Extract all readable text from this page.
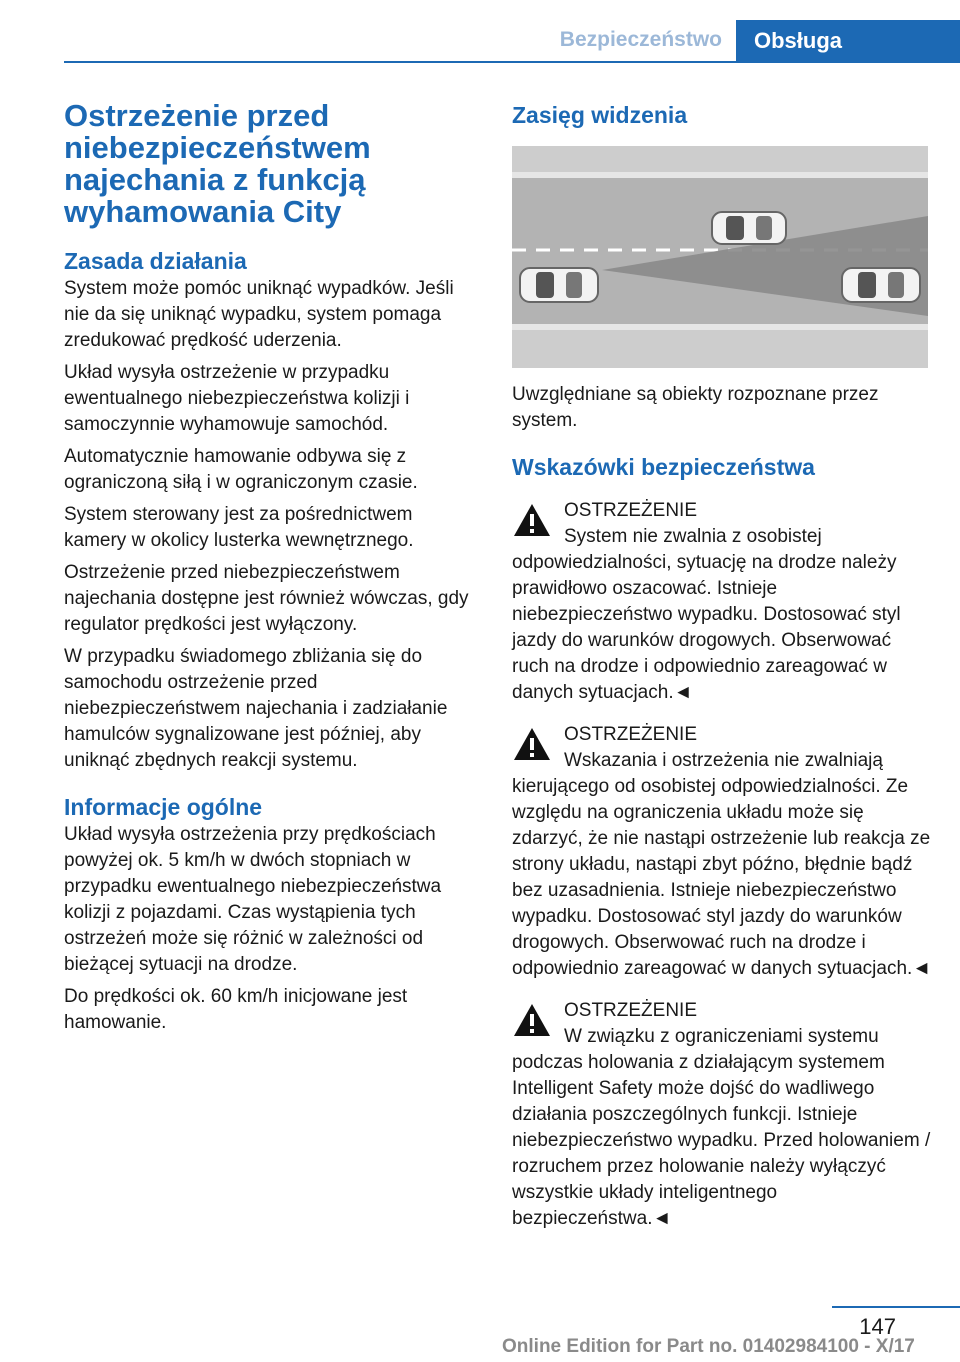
Bezpieczeństwo	Obsługa
Ostrzeżenie przed niebezpieczeństwem najechania z funkcją wyhamowania City
Zasada działania

System może pomóc uniknąć wypadków. Jeśli nie da się uniknąć wypadku, system pomaga zredukować prędkość uderzenia.

Układ wysyła ostrzeżenie w przypadku ewentualnego niebezpieczeństwa kolizji i samoczynnie wyhamowuje samochód.

Automatycznie hamowanie odbywa się z ograniczoną siłą i w ograniczonym czasie.

System sterowany jest za pośrednictwem kamery w okolicy lusterka wewnętrznego.

Ostrzeżenie przed niebezpieczeństwem najechania dostępne jest również wówczas, gdy regulator prędkości jest wyłączony.

W przypadku świadomego zbliżania się do samochodu ostrzeżenie przed niebezpieczeństwem najechania i zadziałanie hamulców sygnalizowane jest później, aby uniknąć zbędnych reakcji systemu.

Informacje ogólne

Układ wysyła ostrzeżenia przy prędkościach powyżej ok. 5 km/h w dwóch stopniach w przypadku ewentualnego niebezpieczeństwa kolizji z pojazdami. Czas wystąpienia tych ostrzeżeń może się różnić w zależności od bieżącej sytuacji na drodze.

Do prędkości ok. 60 km/h inicjowane jest hamowanie.

Zasięg widzenia

Uwzględniane są obiekty rozpoznane przez system.

Wskazówki bezpieczeństwa
OSTRZEŻENIE

System nie zwalnia z osobistej odpowiedzialności, sytuację na drodze należy prawidłowo oszacować. Istnieje niebezpieczeństwo wypadku. Dostosować styl jazdy do warunków drogowych. Obserwować ruch na drodze i odpowiednio zareagować w danych sytuacjach.◄

OSTRZEŻENIE

Wskazania i ostrzeżenia nie zwalniają kierującego od osobistej odpowiedzialności. Ze względu na ograniczenia układu może się zdarzyć, że nie nastąpi ostrzeżenie lub reakcja ze strony układu, nastąpi zbyt późno, błędnie bądź bez uzasadnienia. Istnieje niebezpieczeństwo wypadku. Dostosować styl jazdy do warunków drogowych. Obserwować ruch na drodze i odpowiednio zareagować w danych sytuacjach.◄

OSTRZEŻENIE

W związku z ograniczeniami systemu podczas holowania z działającym systemem Intelligent Safety może dojść do wadliwego działania poszczególnych funkcji. Istnieje niebezpieczeństwo wypadku. Przed holowaniem / rozruchem przez holowanie należy wyłączyć wszystkie układy inteligentnego bezpieczeństwa.◄

147
Online Edition for Part no. 01402984100 - X/17
